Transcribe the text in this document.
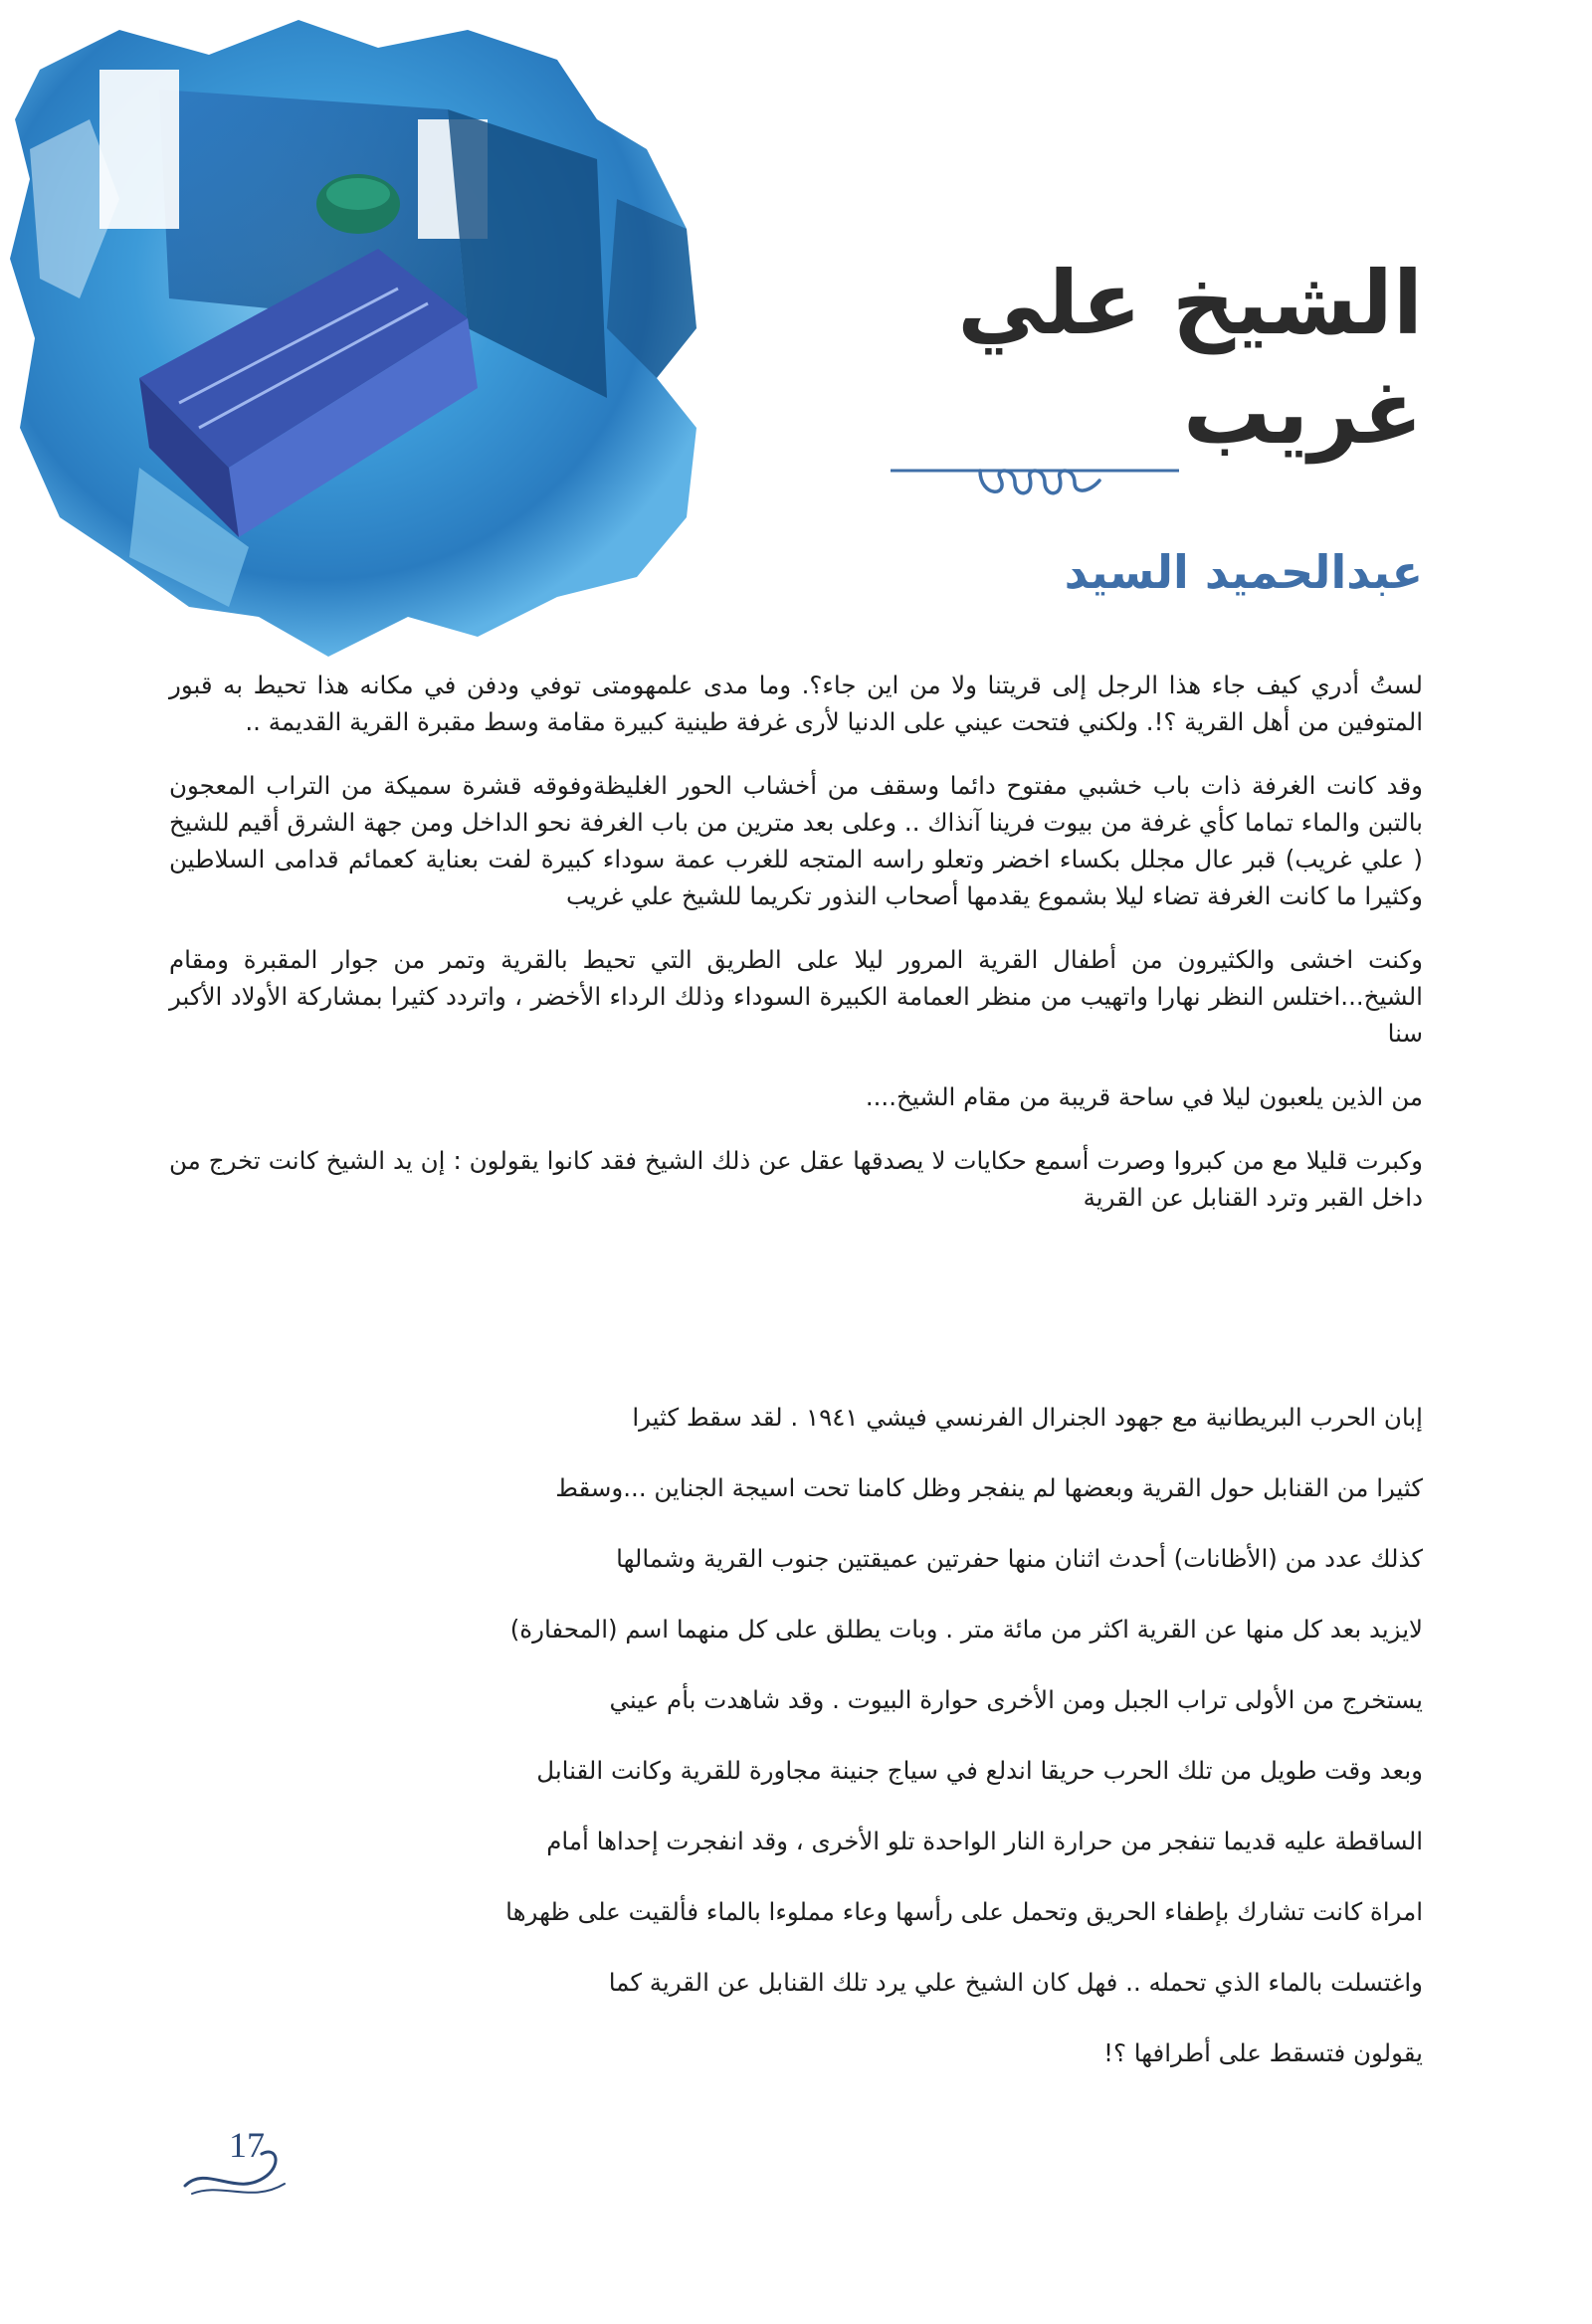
الشيخ علي غريب
عبدالحميد السيد

لستُ أدري كيف جاء هذا الرجل إلى قريتنا ولا من اين جاء؟. وما مدى علمهومتى توفي ودفن في مكانه هذا تحيط به قبور المتوفين من أهل القرية ؟!. ولكني فتحت عيني على الدنيا لأرى غرفة طينية كبيرة مقامة وسط مقبرة القرية القديمة ..

وقد كانت الغرفة ذات باب خشبي مفتوح دائما وسقف من أخشاب الحور الغليظةوفوقه قشرة سميكة من التراب المعجون بالتبن والماء تماما كأي غرفة من بيوت فرينا آنذاك .. وعلى بعد مترين من باب الغرفة نحو الداخل ومن جهة الشرق أقيم للشيخ ( علي غريب) قبر عال مجلل بكساء اخضر وتعلو راسه المتجه للغرب عمة سوداء كبيرة لفت بعناية كعمائم قدامى السلاطين وكثيرا ما كانت الغرفة تضاء ليلا بشموع يقدمها أصحاب النذور تكريما للشيخ علي غريب

وكنت اخشى والكثيرون من أطفال القرية المرور ليلا على الطريق التي تحيط بالقرية وتمر من جوار المقبرة ومقام الشيخ...اختلس النظر نهارا واتهيب من منظر العمامة الكبيرة السوداء وذلك الرداء الأخضر ، واتردد كثيرا بمشاركة الأولاد الأكبر سنا

من الذين يلعبون ليلا في ساحة قريبة من مقام الشيخ....

وكبرت قليلا مع من كبروا وصرت أسمع حكايات لا يصدقها عقل عن ذلك الشيخ فقد كانوا يقولون : إن يد الشيخ كانت تخرج من داخل القبر وترد القنابل عن القرية

إبان الحرب البريطانية مع جهود الجنرال الفرنسي فيشي ١٩٤١ . لقد سقط كثيرا
كثيرا من القنابل حول القرية وبعضها لم ينفجر وظل كامنا تحت اسيجة الجناين ...وسقط
كذلك عدد من (الأظانات) أحدث اثنان منها حفرتين عميقتين جنوب القرية وشمالها
لايزيد بعد كل منها عن القرية اكثر من مائة متر . وبات يطلق على كل منهما اسم (المحفارة)
يستخرج من الأولى تراب الجبل ومن الأخرى حوارة البيوت . وقد شاهدت بأم عيني
وبعد وقت طويل من تلك الحرب حريقا اندلع في سياج جنينة مجاورة للقرية وكانت القنابل
الساقطة عليه قديما تنفجر من حرارة النار الواحدة تلو الأخرى ، وقد انفجرت إحداها أمام
امراة كانت تشارك بإطفاء الحريق وتحمل على رأسها وعاء مملوءا بالماء فألقيت على ظهرها
واغتسلت بالماء الذي تحمله .. فهل كان الشيخ علي يرد تلك القنابل عن القرية كما
يقولون فتسقط على أطرافها ؟!
17
